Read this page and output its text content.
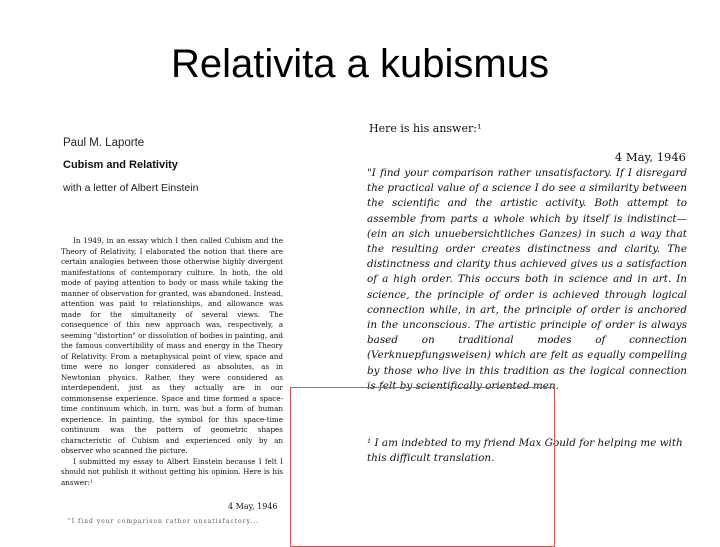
Relativita a kubismus
Paul M. Laporte
Cubism and Relativity
with a letter of Albert Einstein

In 1949, in an essay which I then called Cubism and the Theory of Relativity, I elaborated the notion that there are certain analogies between those otherwise highly divergent manifestations of contemporary culture. In both, the old mode of paying attention to body or mass while taking the manner of observation for granted, was abandoned. Instead, attention was paid to relationships, and allowance was made for the simultaneity of several views. The consequence of this new approach was, respectively, a seeming "distortion" or dissolution of bodies in painting, and the famous convertibility of mass and energy in the Theory of Relativity. From a metaphysical point of view, space and time were no longer considered as absolutes, as in Newtonian physics. Rather, they were considered as interdependent, just as they actually are in our commonsense experience. Space and time formed a space-time continuum which, in turn, was but a form of human experience. In painting, the symbol for this space-time continuum was the pattern of geometric shapes characteristic of Cubism and experienced only by an observer who scanned the picture.

I submitted my essay to Albert Einstein because I felt I should not publish it without getting his opinion. Here is his answer:¹

4 May, 1946
"I find your comparison rather unsatisfactory...
Here is his answer:¹
4 May, 1946
"I find your comparison rather unsatisfactory. If I disregard the practical value of a science I do see a similarity between the scientific and the artistic activity. Both attempt to assemble from parts a whole which by itself is indistinct—(ein an sich unuebersichtliches Ganzes) in such a way that the resulting order creates distinctness and clarity. The distinctness and clarity thus achieved gives us a satisfaction of a high order. This occurs both in science and in art. In science, the principle of order is achieved through logical connection while, in art, the principle of order is anchored in the unconscious. The artistic principle of order is always based on traditional modes of connection (Verknuepfungsweisen) which are felt as equally compelling by those who live in this tradition as the logical connection is felt by scientifically oriented men.
¹ I am indebted to my friend Max Gould for helping me with this difficult translation.
